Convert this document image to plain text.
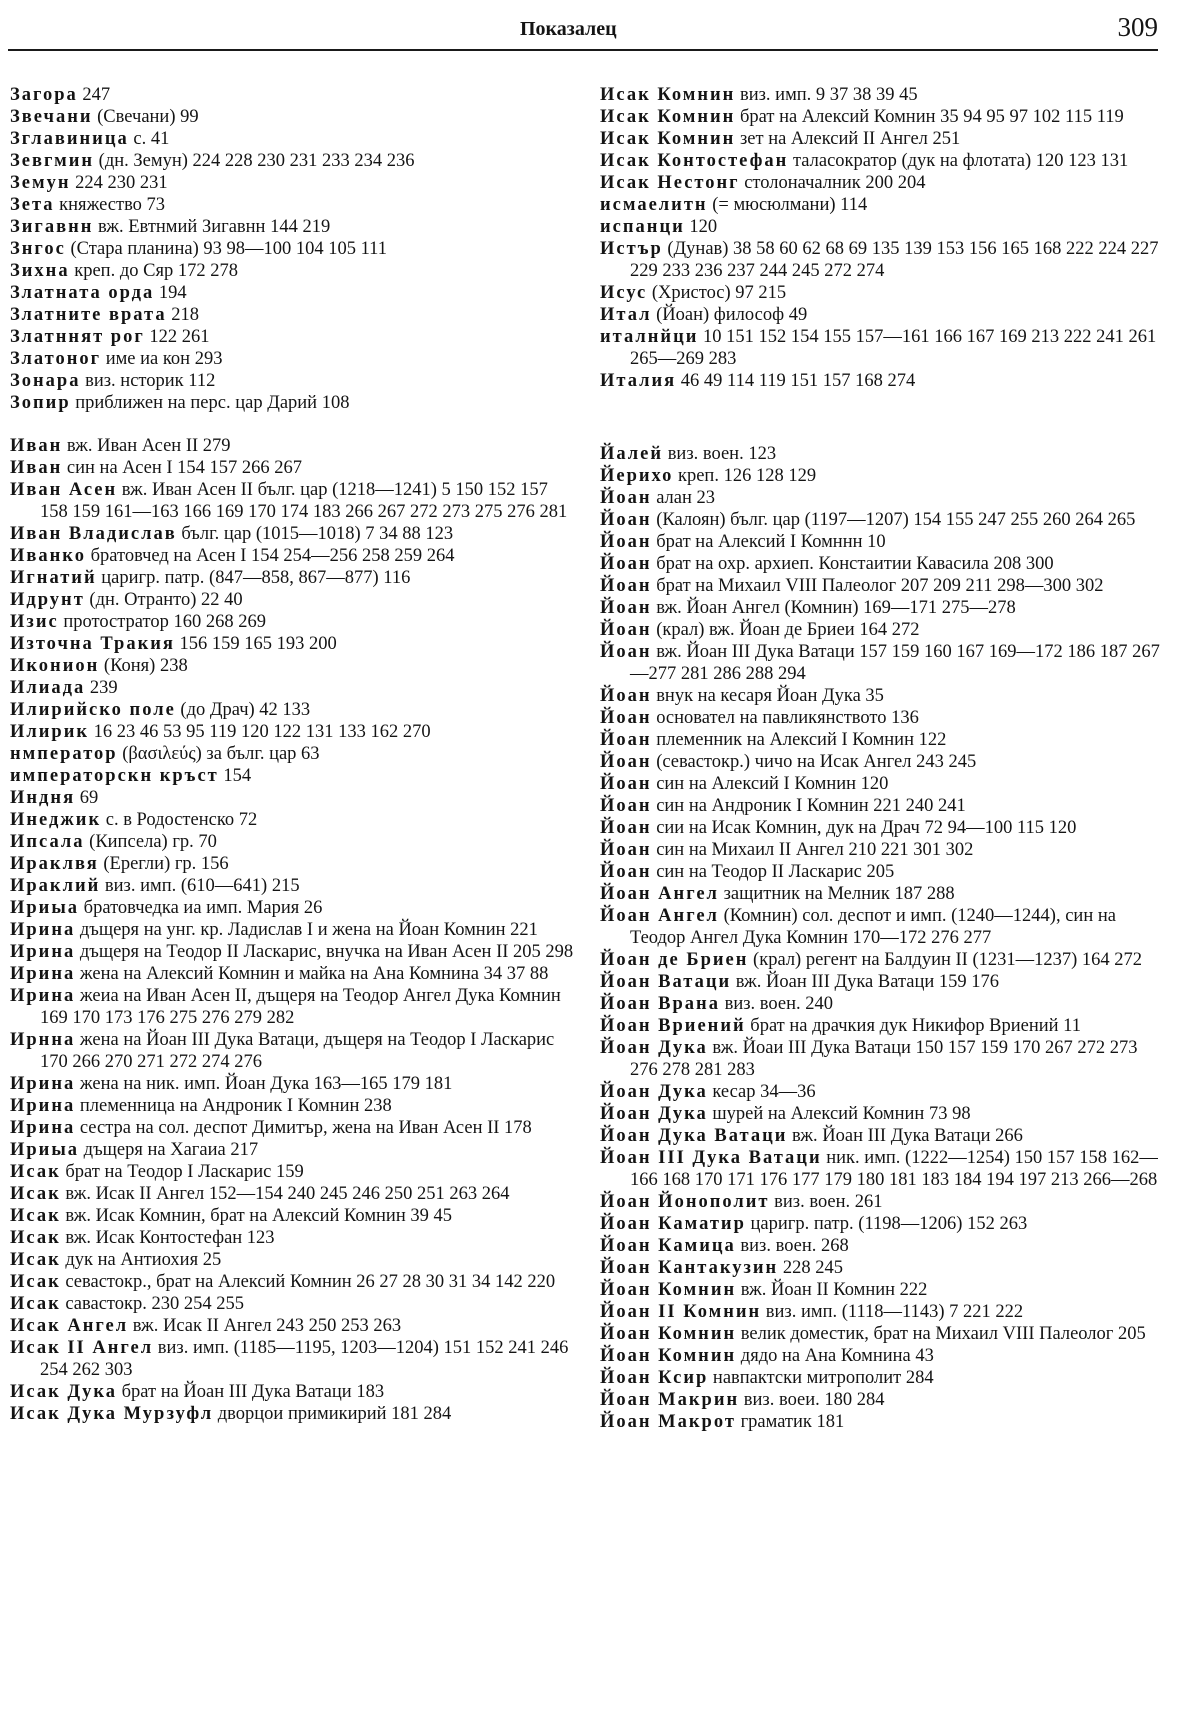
Показалец	309
Загора 247
Звечани (Свечани) 99
Зглавиница с. 41
Зевгмин (дн. Земун) 224 228 230 231 233 234 236
Земун 224 230 231
Зета княжество 73
Зигавнн вж. Евтнмий Зигавнн 144 219
Знгос (Стара планина) 93 98—100 104 105 111
Зихна креп. до Сяр 172 278
Златната орда 194
Златните врата 218
Златннят рог 122 261
Златоног име иа кон 293
Зонара виз. нсторик 112
Зопир приближен на перс. цар Дарий 108
Иван вж. Иван Асен II 279
Иван син на Асен I 154 157 266 267
Иван Асен вж. Иван Асен II бълг. цар (1218—1241) 5 150 152 157 158 159 161—163 166 169 170 174 183 266 267 272 273 275 276 281
Иван Владислав бълг. цар (1015—1018) 7 34 88 123
Иванко братовчед на Асен I 154 254—256 258 259 264
Игнатий царигр. патр. (847—858, 867—877) 116
Идрунт (дн. Отранто) 22 40
Изис протостратор 160 268 269
Източна Тракия 156 159 165 193 200
Иконион (Коня) 238
Илиада 239
Илирийско поле (до Драч) 42 133
Илирик 16 23 46 53 95 119 120 122 131 133 162 270
нмператор (βασιλεύς) за бълг. цар 63
императорскн кръст 154
Индня 69
Инеджик с. в Родостенско 72
Ипсала (Кипсела) гр. 70
Ираклвя (Ерегли) гр. 156
Ираклий виз. имп. (610—641) 215
Ириыа братовчедка иа имп. Мария 26
Ирина дъщеря на унг. кр. Ладислав I и жена на Йоан Комнин 221
Ирина дъщеря на Теодор II Ласкарис, внучка на Иван Асен II 205 298
Ирина жена на Алексий Комнин и майка на Ана Комнина 34 37 88
Ирина жеиа на Иван Асен II, дъщеря на Теодор Ангел Дука Комнин 169 170 173 176 275 276 279 282
Ирнна жена на Йоан III Дука Ватаци, дъщеря на Теодор I Ласкарис 170 266 270 271 272 274 276
Ирина жена на ник. имп. Йоан Дука 163—165 179 181
Ирина племенница на Андроник I Комнин 238
Ирина сестра на сол. деспот Димитър, жена на Иван Асен II 178
Ириыа дъщеря на Хагаиа 217
Исак брат на Теодор I Ласкарис 159
Исак вж. Исак II Ангел 152—154 240 245 246 250 251 263 264
Исак вж. Исак Комнин, брат на Алексий Комнин 39 45
Исак вж. Исак Контостефан 123
Исак дук на Антиохия 25
Исак севастокр., брат на Алексий Комнин 26 27 28 30 31 34 142 220
Исак савастокр. 230 254 255
Исак Ангел вж. Исак II Ангел 243 250 253 263
Исак II Ангел виз. имп. (1185—1195, 1203—1204) 151 152 241 246 254 262 303
Исак Дука брат на Йоан III Дука Ватаци 183
Исак Дука Мурзуфл дворцои примикирий 181 284
Исак Комнин виз. имп. 9 37 38 39 45
Исак Комнин брат на Алексий Комнин 35 94 95 97 102 115 119
Исак Комнин зет на Алексий II Ангел 251
Исак Контостефан таласократор (дук на флотата) 120 123 131
Исак Нестонг столоначалник 200 204
исмаелитн (= мюсюлмани) 114
испанци 120
Истър (Дунав) 38 58 60 62 68 69 135 139 153 156 165 168 222 224 227 229 233 236 237 244 245 272 274
Исус (Христос) 97 215
Итал (Йоан) философ 49
италнйци 10 151 152 154 155 157—161 166 167 169 213 222 241 261 265—269 283
Италия 46 49 114 119 151 157 168 274
Йалей виз. воен. 123
Йерихо креп. 126 128 129
Йоан алан 23
Йоан (Калоян) бълг. цар (1197—1207) 154 155 247 255 260 264 265
Йоан брат на Алексий I Комннн 10
Йоан брат на охр. архиеп. Констаитии Кавасила 208 300
Йоан брат на Михаил VIII Палеолог 207 209 211 298—300 302
Йоан вж. Йоан Ангел (Комнин) 169—171 275—278
Йоан (крал) вж. Йоан де Бриеи 164 272
Йоан вж. Йоан III Дука Ватаци 157 159 160 167 169—172 186 187 267—277 281 286 288 294
Йоан внук на кесаря Йоан Дука 35
Йоан основател на павликянството 136
Йоан племенник на Алексий I Комнин 122
Йоан (севастокр.) чичо на Исак Ангел 243 245
Йоан син на Алексий I Комнин 120
Йоан син на Андроник I Комнин 221 240 241
Йоан сии на Исак Комнин, дук на Драч 72 94—100 115 120
Йоан син на Михаил II Ангел 210 221 301 302
Йоан син на Теодор II Ласкарис 205
Йоан Ангел защитник на Мелник 187 288
Йоан Ангел (Комнин) сол. деспот и имп. (1240—1244), син на Теодор Ангел Дука Комнин 170—172 276 277
Йоан де Бриен (крал) регент на Балдуин II (1231—1237) 164 272
Йоан Ватаци вж. Йоан III Дука Ватаци 159 176
Йоан Врана виз. воен. 240
Йоан Вриений брат на драчкия дук Никифор Вриений 11
Йоан Дука вж. Йоаи III Дука Ватаци 150 157 159 170 267 272 273 276 278 281 283
Йоан Дука кесар 34—36
Йоан Дука шурей на Алексий Комнин 73 98
Йоан Дука Ватаци вж. Йоан III Дука Ватаци 266
Йоан III Дука Ватаци ник. имп. (1222—1254) 150 157 158 162—166 168 170 171 176 177 179 180 181 183 184 194 197 213 266—268
Йоан Йонополит виз. воен. 261
Йоан Каматир царигр. патр. (1198—1206) 152 263
Йоан Камица виз. воен. 268
Йоан Кантакузин 228 245
Йоан Комнин вж. Йоан II Комнин 222
Йоан II Комнин виз. имп. (1118—1143) 7 221 222
Йоан Комнин велик доместик, брат на Михаил VIII Палеолог 205
Йоан Комнин дядо на Ана Комнина 43
Йоан Ксир навпактски митрополит 284
Йоан Макрин виз. воеи. 180 284
Йоан Макрот граматик 181
